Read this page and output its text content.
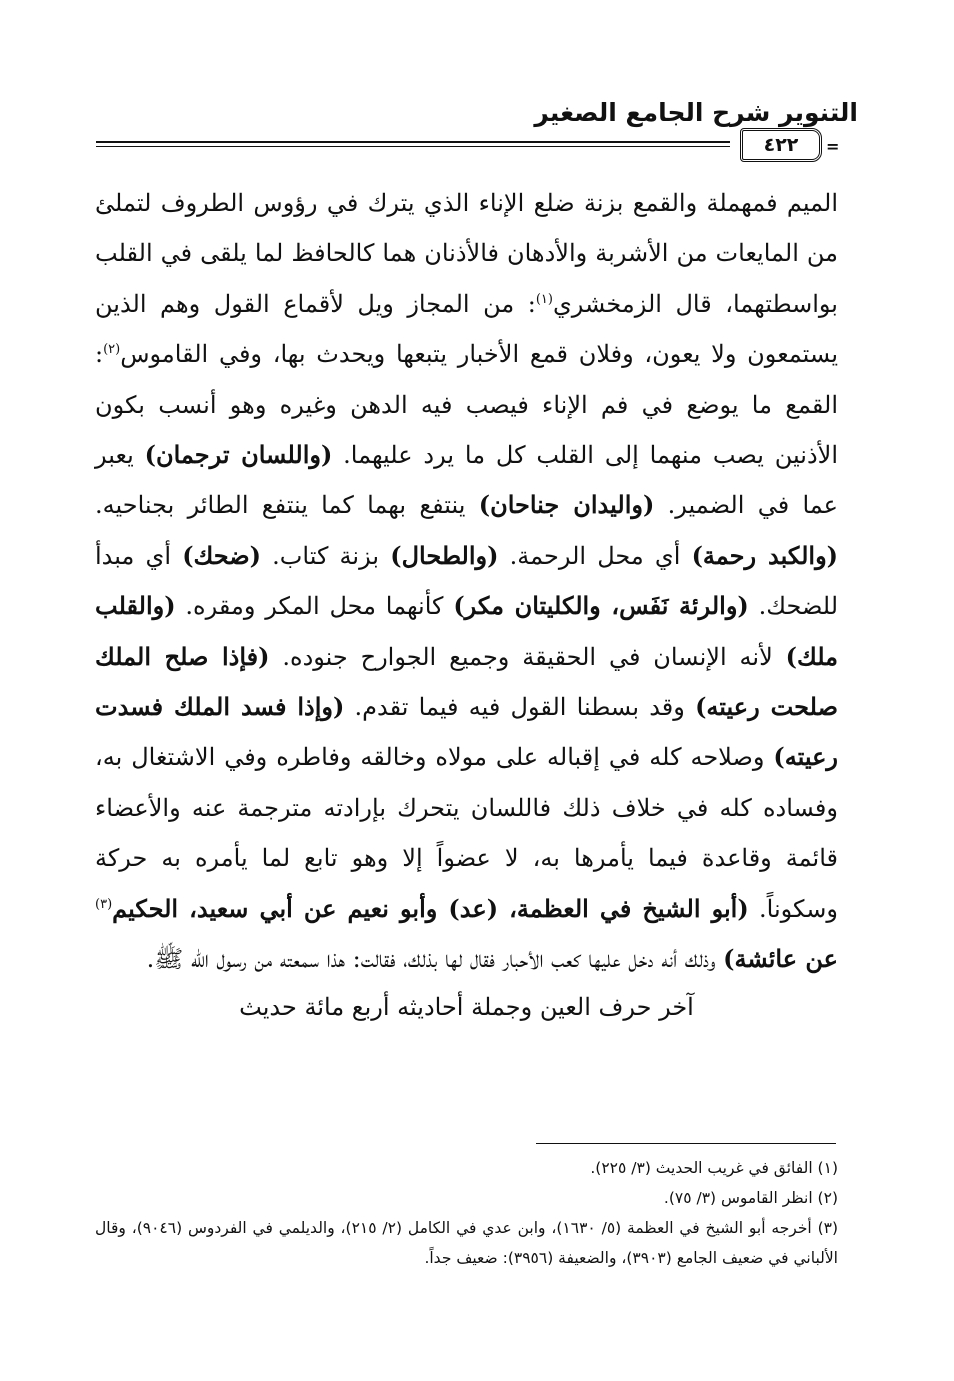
التنوير شرح الجامع الصغير
٤٢٢ =

الميم فمهملة والقمع بزنة ضلع الإناء الذي يترك في رؤوس الطروف لتملئ من المايعات من الأشربة والأدهان فالأذنان هما كالحافظ لما يلقى في القلب بواسطتهما، قال الزمخشري$^{(١)}$: من المجاز ويل لأقماع القول وهم الذين يستمعون ولا يعون، وفلان قمع الأخبار يتبعها ويحدث بها، وفي القاموس$^{(٢)}$: القمع ما يوضع في فم الإناء فيصب فيه الدهن وغيره وهو أنسب بكون الأذنين يصب منهما إلى القلب كل ما يرد عليهما. (واللسان ترجمان) يعبر عما في الضمير. (واليدان جناحان) ينتفع بهما كما ينتفع الطائر بجناحيه. (والكبد رحمة) أي محل الرحمة. (والطحال) بزنة كتاب. (ضحك) أي مبدأ للضحك. (والرئة نَفَس، والكليتان مكر) كأنهما محل المكر ومقره. (والقلب ملك) لأنه الإنسان في الحقيقة وجميع الجوارح جنوده. (فإذا صلح الملك صلحت رعيته) وقد بسطنا القول فيه فيما تقدم. (وإذا فسد الملك فسدت رعيته) وصلاحه كله في إقباله على مولاه وخالقه وفاطره وفي الاشتغال به، وفساده كله في خلاف ذلك فاللسان يتحرك بإرادته مترجمة عنه والأعضاء قائمة وقاعدة فيما يأمرها به، لا عضواً إلا وهو تابع لما يأمره به حركة وسكوناً. (أبو الشيخ في العظمة، (عد) وأبو نعيم عن أبي سعيد، الحكيم$^{(٣)}$ عن عائشة) وذلك أنه دخل عليها كعب الأحبار فقال لها بذلك، فقالت: هذا سمعته من رسول الله ﷺ.

آخر حرف العين وجملة أحاديثه أربع مائة حديث

(١) الفائق في غريب الحديث (٣/ ٢٢٥).

(٢) انظر القاموس (٣/ ٧٥).

(٣) أخرجه أبو الشيخ في العظمة (٥/ ١٦٣٠)، وابن عدي في الكامل (٢/ ٢١٥)، والديلمي في الفردوس (٩٠٤٦)، وقال الألباني في ضعيف الجامع (٣٩٠٣)، والضعيفة (٣٩٥٦): ضعيف جداً.
